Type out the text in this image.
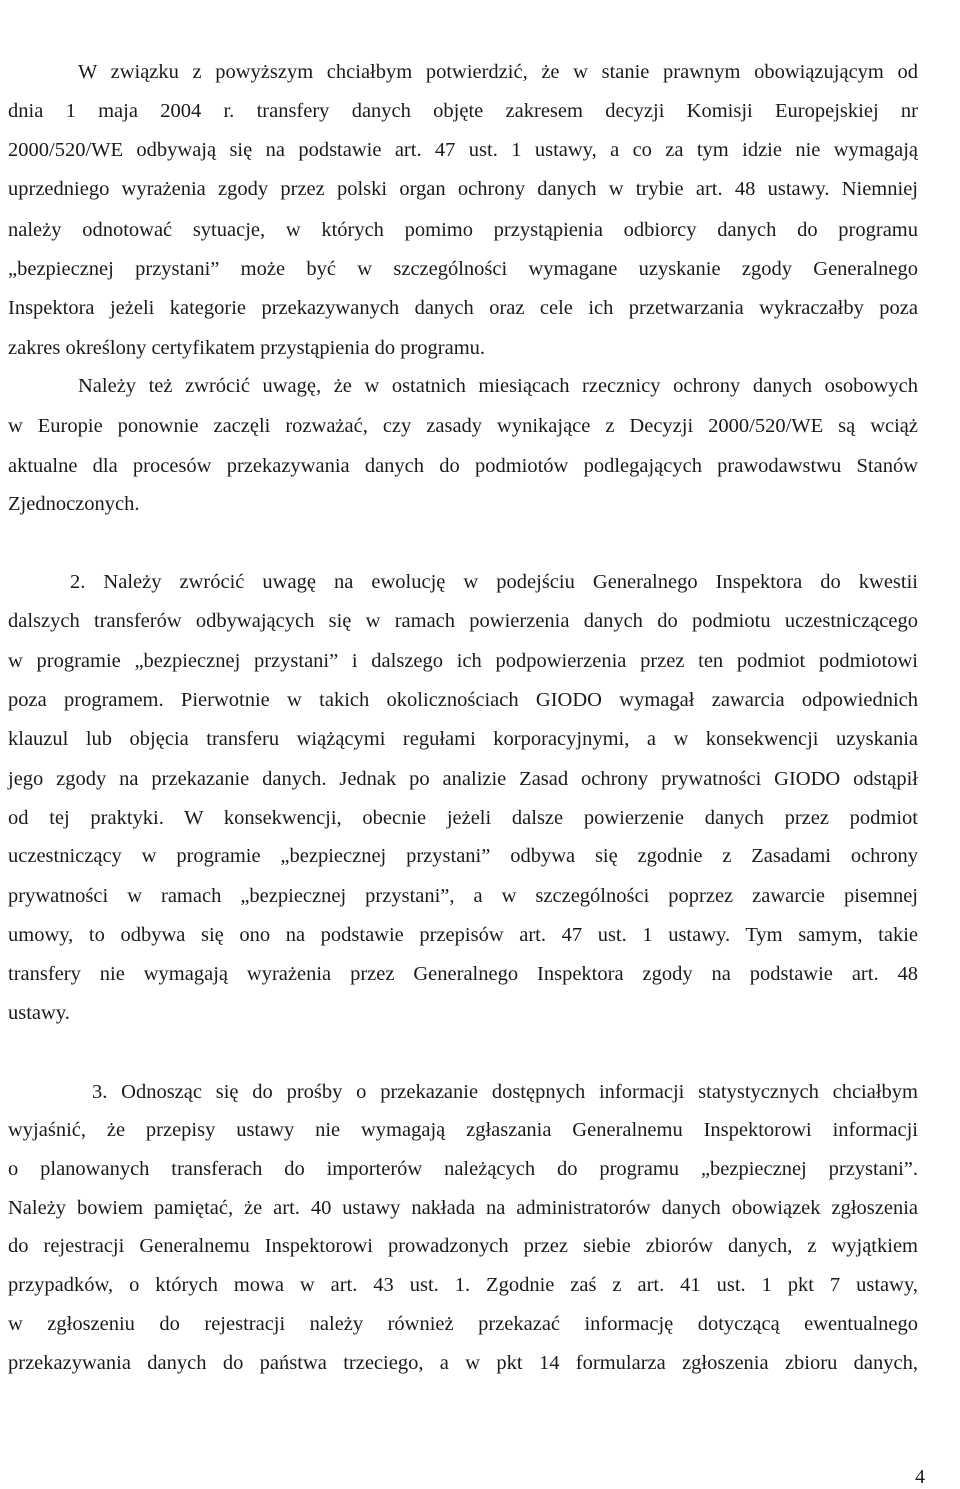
W związku z powyższym chciałbym potwierdzić, że w stanie prawnym obowiązującym od
dnia 1 maja 2004 r. transfery danych objęte zakresem decyzji Komisji Europejskiej nr
2000/520/WE odbywają się na podstawie art. 47 ust. 1 ustawy, a co za tym idzie nie wymagają
uprzedniego wyrażenia zgody przez polski organ ochrony danych w trybie art. 48 ustawy. Niemniej
należy odnotować sytuacje, w których pomimo przystąpienia odbiorcy danych do programu
„bezpiecznej przystani” może być w szczególności wymagane uzyskanie zgody Generalnego
Inspektora jeżeli kategorie przekazywanych danych oraz cele ich przetwarzania wykraczałby poza
zakres określony certyfikatem przystąpienia do programu.
Należy też zwrócić uwagę, że w ostatnich miesiącach rzecznicy ochrony danych osobowych
w Europie ponownie zaczęli rozważać, czy zasady wynikające z Decyzji 2000/520/WE są wciąż
aktualne dla procesów przekazywania danych do podmiotów podlegających prawodawstwu Stanów
Zjednoczonych.
2. Należy zwrócić uwagę na ewolucję w podejściu Generalnego Inspektora do kwestii
dalszych transferów odbywających się w ramach powierzenia danych do podmiotu uczestniczącego
w programie „bezpiecznej przystani” i dalszego ich podpowierzenia przez ten podmiot podmiotowi
poza programem. Pierwotnie w takich okolicznościach GIODO wymagał zawarcia odpowiednich
klauzul lub objęcia transferu wiążącymi regułami korporacyjnymi, a w konsekwencji uzyskania
jego zgody na przekazanie danych. Jednak po analizie Zasad ochrony prywatności GIODO odstąpił
od tej praktyki. W konsekwencji, obecnie jeżeli dalsze powierzenie danych przez podmiot
uczestniczący w programie „bezpiecznej przystani” odbywa się zgodnie z Zasadami ochrony
prywatności w ramach „bezpiecznej przystani”, a w szczególności poprzez zawarcie pisemnej
umowy, to odbywa się ono na podstawie przepisów art. 47 ust. 1 ustawy. Tym samym, takie
transfery nie wymagają wyrażenia przez Generalnego Inspektora zgody na podstawie art. 48
ustawy.
3. Odnosząc się do prośby o przekazanie dostępnych informacji statystycznych chciałbym
wyjaśnić, że przepisy ustawy nie wymagają zgłaszania Generalnemu Inspektorowi informacji
o planowanych transferach do importerów należących do programu „bezpiecznej przystani”.
Należy bowiem pamiętać, że art. 40 ustawy nakłada na administratorów danych obowiązek zgłoszenia
do rejestracji Generalnemu Inspektorowi prowadzonych przez siebie zbiorów danych, z wyjątkiem
przypadków, o których mowa w art. 43 ust. 1. Zgodnie zaś z art. 41 ust. 1 pkt 7 ustawy,
w zgłoszeniu do rejestracji należy również przekazać informację dotyczącą ewentualnego
przekazywania danych do państwa trzeciego, a w pkt 14 formularza zgłoszenia zbioru danych,
4
